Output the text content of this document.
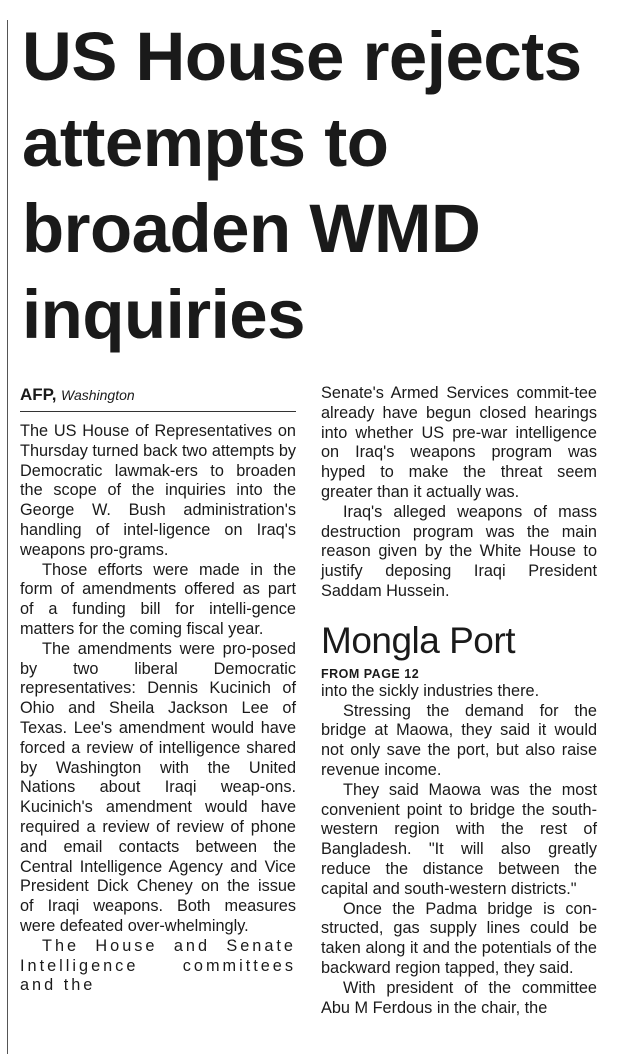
US House rejects
attempts to
broaden WMD
inquiries
AFP, Washington

The US House of Representatives on Thursday turned back two attempts by Democratic lawmak-ers to broaden the scope of the inquiries into the George W. Bush administration's handling of intel-ligence on Iraq's weapons pro-grams.

Those efforts were made in the form of amendments offered as part of a funding bill for intelli-gence matters for the coming fiscal year.

The amendments were pro-posed by two liberal Democratic representatives: Dennis Kucinich of Ohio and Sheila Jackson Lee of Texas. Lee's amendment would have forced a review of intelligence shared by Washington with the United Nations about Iraqi weap-ons. Kucinich's amendment would have required a review of review of phone and email contacts between the Central Intelligence Agency and Vice President Dick Cheney on the issue of Iraqi weapons. Both measures were defeated over-whelmingly.

The House and Senate Intelligence committees and the

Senate's Armed Services commit-tee already have begun closed hearings into whether US pre-war intelligence on Iraq's weapons program was hyped to make the threat seem greater than it actually was.

Iraq's alleged weapons of mass destruction program was the main reason given by the White House to justify deposing Iraqi President Saddam Hussein.

Mongla Port

FROM PAGE 12

into the sickly industries there.

Stressing the demand for the bridge at Maowa, they said it would not only save the port, but also raise revenue income.

They said Maowa was the most convenient point to bridge the south-western region with the rest of Bangladesh. "It will also greatly reduce the distance between the capital and south-western districts."

Once the Padma bridge is con-structed, gas supply lines could be taken along it and the potentials of the backward region tapped, they said.

With president of the committee Abu M Ferdous in the chair, the
